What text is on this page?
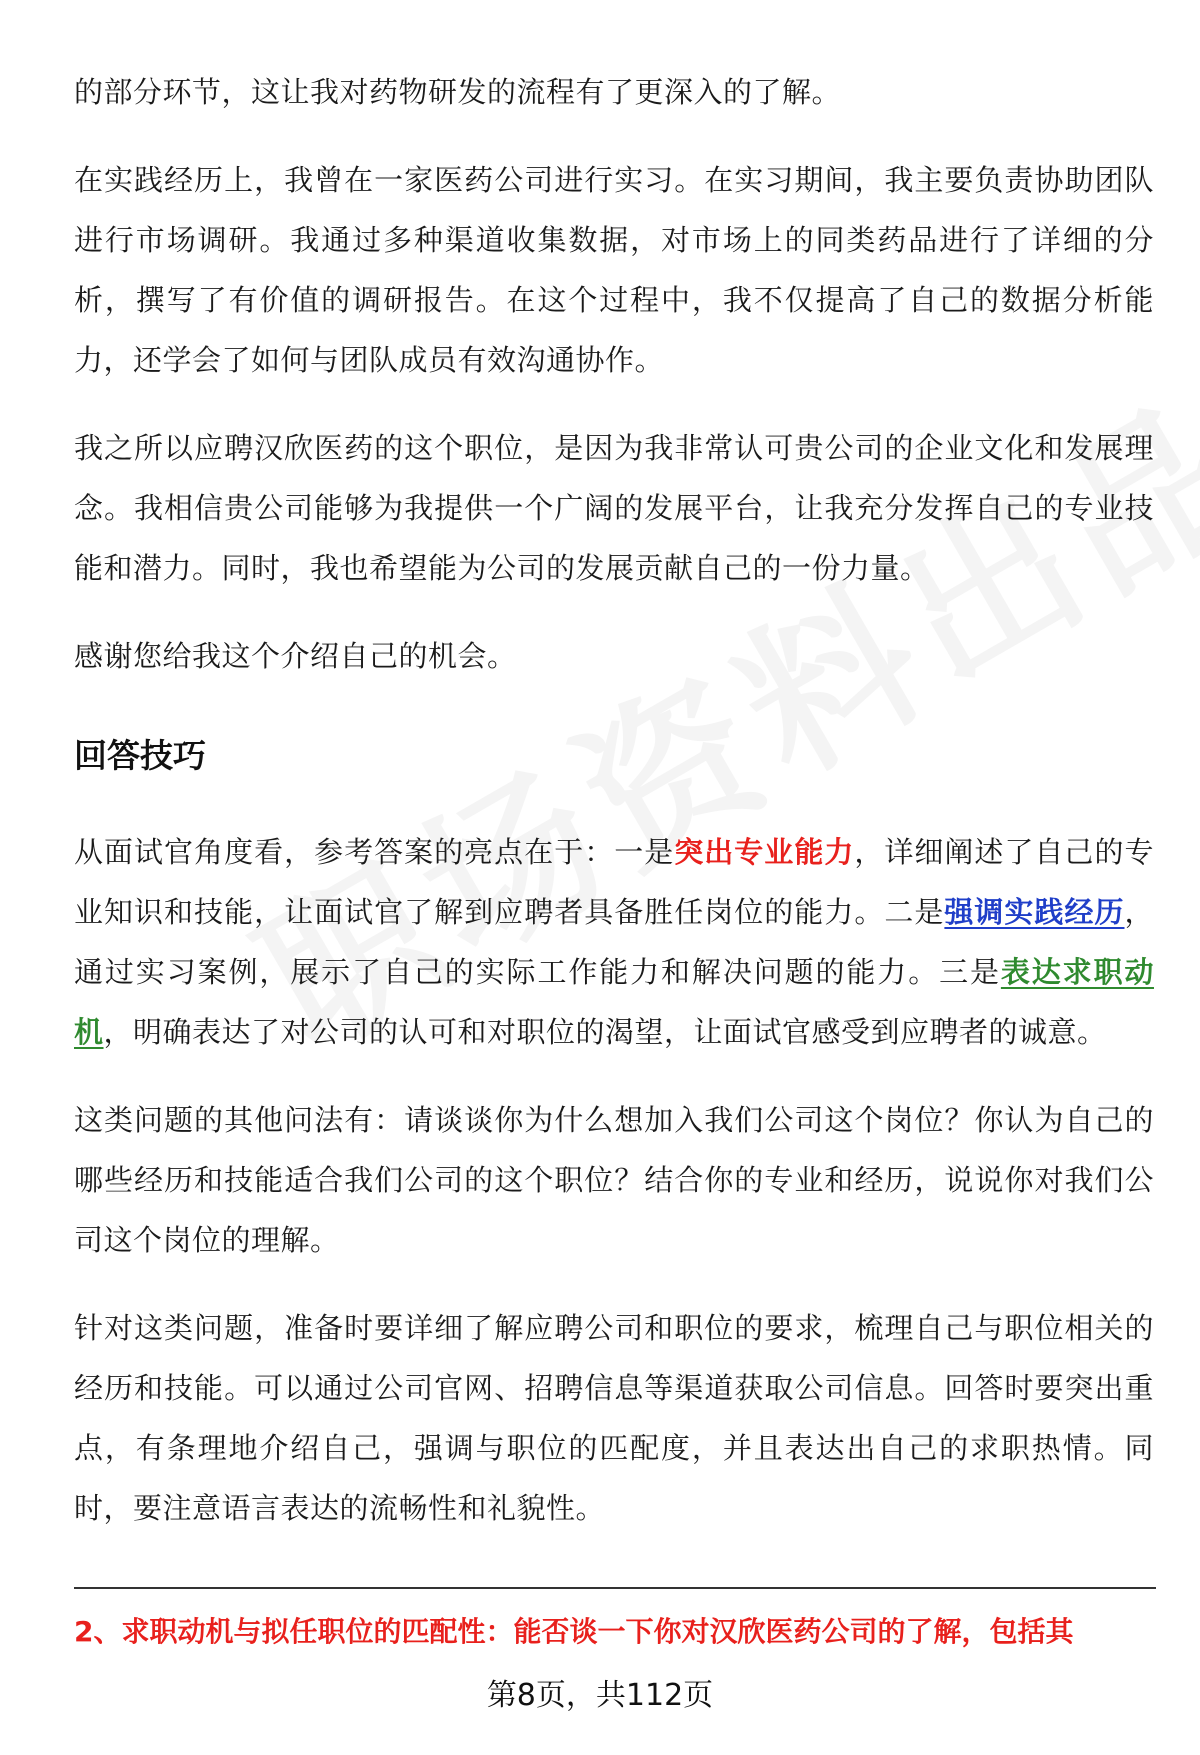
的部分环节，这让我对药物研发的流程有了更深入的了解。

在实践经历上，我曾在一家医药公司进行实习。在实习期间，我主要负责协助团队进行市场调研。我通过多种渠道收集数据，对市场上的同类药品进行了详细的分析，撰写了有价值的调研报告。在这个过程中，我不仅提高了自己的数据分析能力，还学会了如何与团队成员有效沟通协作。

我之所以应聘汉欣医药的这个职位，是因为我非常认可贵公司的企业文化和发展理念。我相信贵公司能够为我提供一个广阔的发展平台，让我充分发挥自己的专业技能和潜力。同时，我也希望能为公司的发展贡献自己的一份力量。

感谢您给我这个介绍自己的机会。

回答技巧

从面试官角度看，参考答案的亮点在于：一是突出专业能力，详细阐述了自己的专业知识和技能，让面试官了解到应聘者具备胜任岗位的能力。二是强调实践经历，通过实习案例，展示了自己的实际工作能力和解决问题的能力。三是表达求职动机，明确表达了对公司的认可和对职位的渴望，让面试官感受到应聘者的诚意。

这类问题的其他问法有：请谈谈你为什么想加入我们公司这个岗位？你认为自己的哪些经历和技能适合我们公司的这个职位？结合你的专业和经历，说说你对我们公司这个岗位的理解。

针对这类问题，准备时要详细了解应聘公司和职位的要求，梳理自己与职位相关的经历和技能。可以通过公司官网、招聘信息等渠道获取公司信息。回答时要突出重点，有条理地介绍自己，强调与职位的匹配度，并且表达出自己的求职热情。同时，要注意语言表达的流畅性和礼貌性。

2、求职动机与拟任职位的匹配性：能否谈一下你对汉欣医药公司的了解，包括其
第8页，共112页
